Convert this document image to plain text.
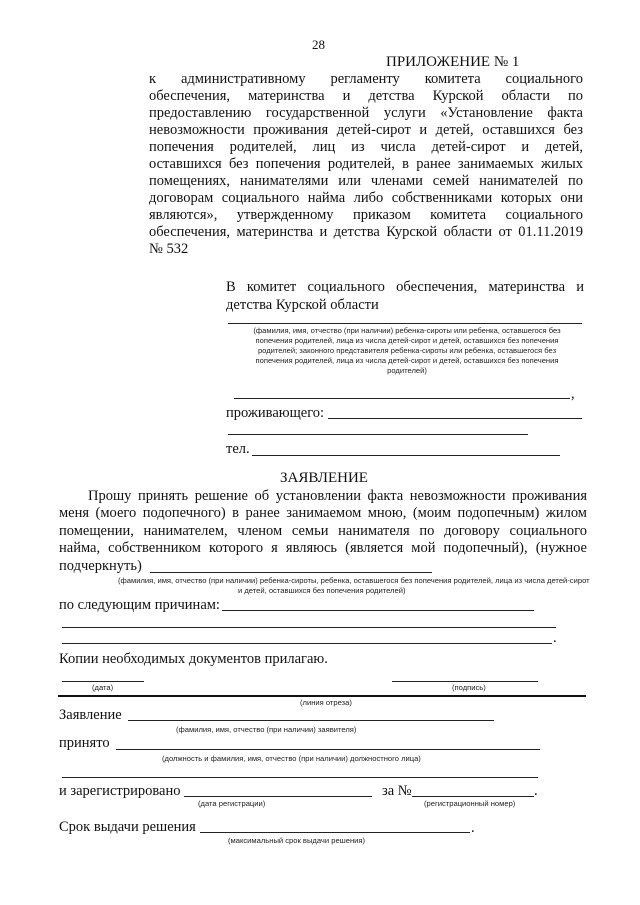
28
ПРИЛОЖЕНИЕ № 1
к административному регламенту комитета социального
обеспечения, материнства и детства Курской области по
предоставлению государственной услуги «Установление факта
невозможности проживания детей-сирот и детей, оставшихся без
попечения родителей, лиц из числа детей-сирот и детей,
оставшихся без попечения родителей, в ранее занимаемых жилых
помещениях, нанимателями или членами семей нанимателей по
договорам социального найма либо собственниками которых они
являются», утвержденному приказом комитета социального
обеспечения, материнства и детства Курской области от 01.11.2019
№ 532
В комитет социального обеспечения, материнства и
детства Курской области
(фамилия, имя, отчество (при наличии) ребенка-сироты или ребенка, оставшегося без
попечения родителей, лица из числа детей-сирот и детей, оставшихся без попечения
родителей; законного представителя ребенка-сироты или ребенка, оставшегося без
попечения родителей, лица из числа детей-сирот и детей, оставшихся без попечения
родителей)
,
проживающего:
тел.
ЗАЯВЛЕНИЕ
Прошу принять решение об установлении факта невозможности проживания
меня (моего подопечного) в ранее занимаемом мною, (моим подопечным) жилом
помещении, нанимателем, членом семьи нанимателя по договору социального
найма, собственником которого я являюсь (является мой подопечный), (нужное
подчеркнуть)
(фамилия, имя, отчество (при наличии) ребенка-сироты, ребенка, оставшегося без попечения родителей, лица из числа детей-сирот
и детей, оставшихся без попечения родителей)
по следующим причинам:
.
Копии необходимых документов прилагаю.
(дата)	(подпись)
(линия отреза)
Заявление
(фамилия, имя, отчество (при наличии) заявителя)
принято
(должность и фамилия, имя, отчество (при наличии) должностного лица)
и зарегистрировано	за №	.
(дата регистрации)	(регистрационный номер)
Срок выдачи решения	.
(максимальный срок выдачи решения)
